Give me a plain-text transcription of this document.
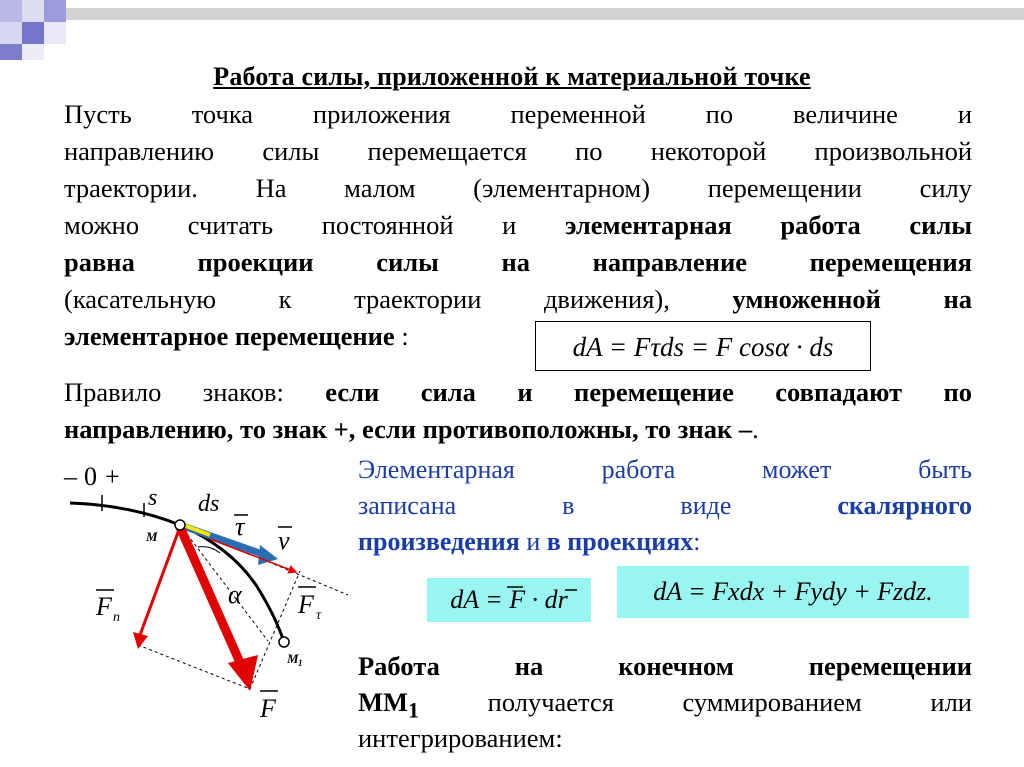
Работа силы, приложенной к материальной точке
Пусть точка приложения переменной по величине и
направлению силы перемещается по некоторой произвольной
траектории. На малом (элементарном) перемещении силу
можно считать постоянной и элементарная работа силы
равна проекции силы на направление перемещения
(касательную к траектории движения), умноженной на
элементарное перемещение :	dA = Fτds = F cosα · ds
Правило знаков: если сила и перемещение совпадают по
направлению, то знак +, если противоположны, то знак –.
Элементарная работа может быть
записана в виде	скалярного
произведения и в проекциях:
dA = F · dr	dA = Fxdx + Fydy + Fzdz.
Работа на конечном перемещении
$MM_1$ получается суммированием или
интегрированием:
– 0 +
s ds
τ v
M
F n
α F τ
M 1
F
